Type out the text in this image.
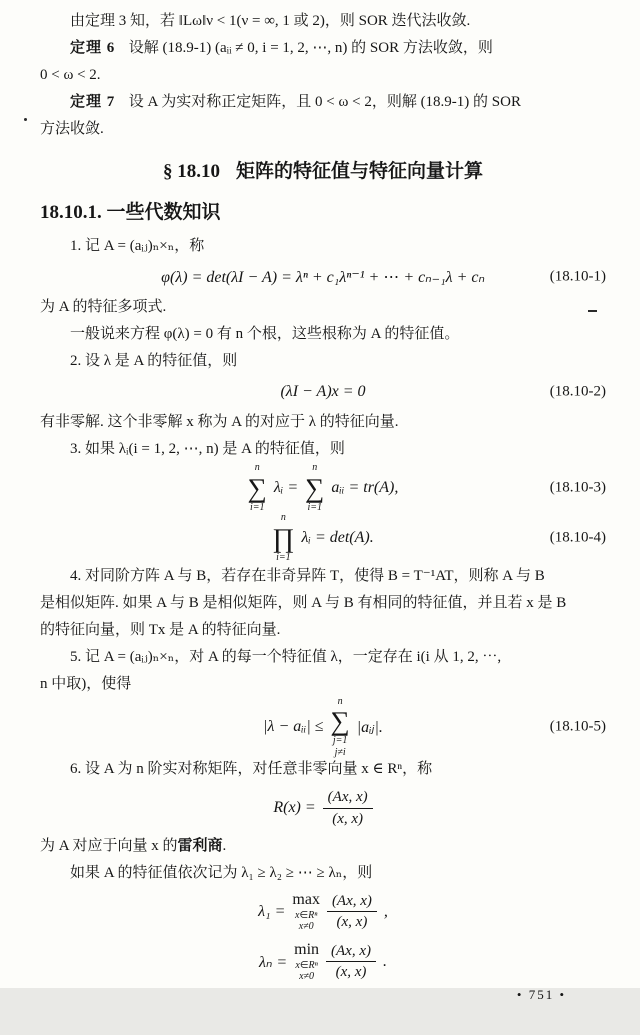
由定理 3 知，若 ‖Lω‖ν < 1(ν = ∞, 1 或 2)，则 SOR 迭代法收敛.

定理 6 设解 (18.9-1) (aᵢᵢ ≠ 0, i = 1, 2, ⋯, n) 的 SOR 方法收敛，则

0 < ω < 2.

定理 7 设 A 为实对称正定矩阵，且 0 < ω < 2，则解 (18.9-1) 的 SOR

方法收敛.

§ 18.10 矩阵的特征值与特征向量计算
18.10.1. 一些代数知识

1. 记 A = (aᵢⱼ)ₙ×ₙ，称

φ(λ) = det(λI − A) = λⁿ + c₁λⁿ⁻¹ + ⋯ + cₙ₋₁λ + cₙ	(18.10-1)

为 A 的特征多项式.

一般说来方程 φ(λ) = 0 有 n 个根，这些根称为 A 的特征值。

2. 设 λ 是 A 的特征值，则

(λI − A)x = 0	(18.10-2)

有非零解. 这个非零解 x 称为 A 的对应于 λ 的特征向量.

3. 如果 λᵢ(i = 1, 2, ⋯, n) 是 A 的特征值，则

n
∑
i=1
λᵢ =
n
∑
i=1
aᵢᵢ = tr(A),	(18.10-3)
n
∏
i=1
λᵢ = det(A).	(18.10-4)

4. 对同阶方阵 A 与 B，若存在非奇异阵 T，使得 B = T⁻¹AT，则称 A 与 B

是相似矩阵. 如果 A 与 B 是相似矩阵，则 A 与 B 有相同的特征值，并且若 x 是 B

的特征向量，则 Tx 是 A 的特征向量.

5. 记 A = (aᵢⱼ)ₙ×ₙ，对 A 的每一个特征值 λ，一定存在 i(i 从 1, 2, ⋯,

n 中取)，使得

|λ − aᵢᵢ| ≤
n
∑
j=1
j≠i
|aᵢⱼ|.	(18.10-5)

6. 设 A 为 n 阶实对称矩阵，对任意非零向量 x ∈ Rⁿ，称

$R(x) = \frac{(Ax, x)}{(x, x)}$

为 A 对应于向量 x 的雷利商.

如果 A 的特征值依次记为 λ₁ ≥ λ₂ ≥ ⋯ ≥ λₙ，则

λ₁ =
max
x∈Rⁿ
$x\ne 0 \frac{(Ax, x)}{(x, x)}$ ,
λₙ =
min
x∈Rⁿ
$x\ne 0 \frac{(Ax, x)}{(x, x)}$ .
• 751 •
